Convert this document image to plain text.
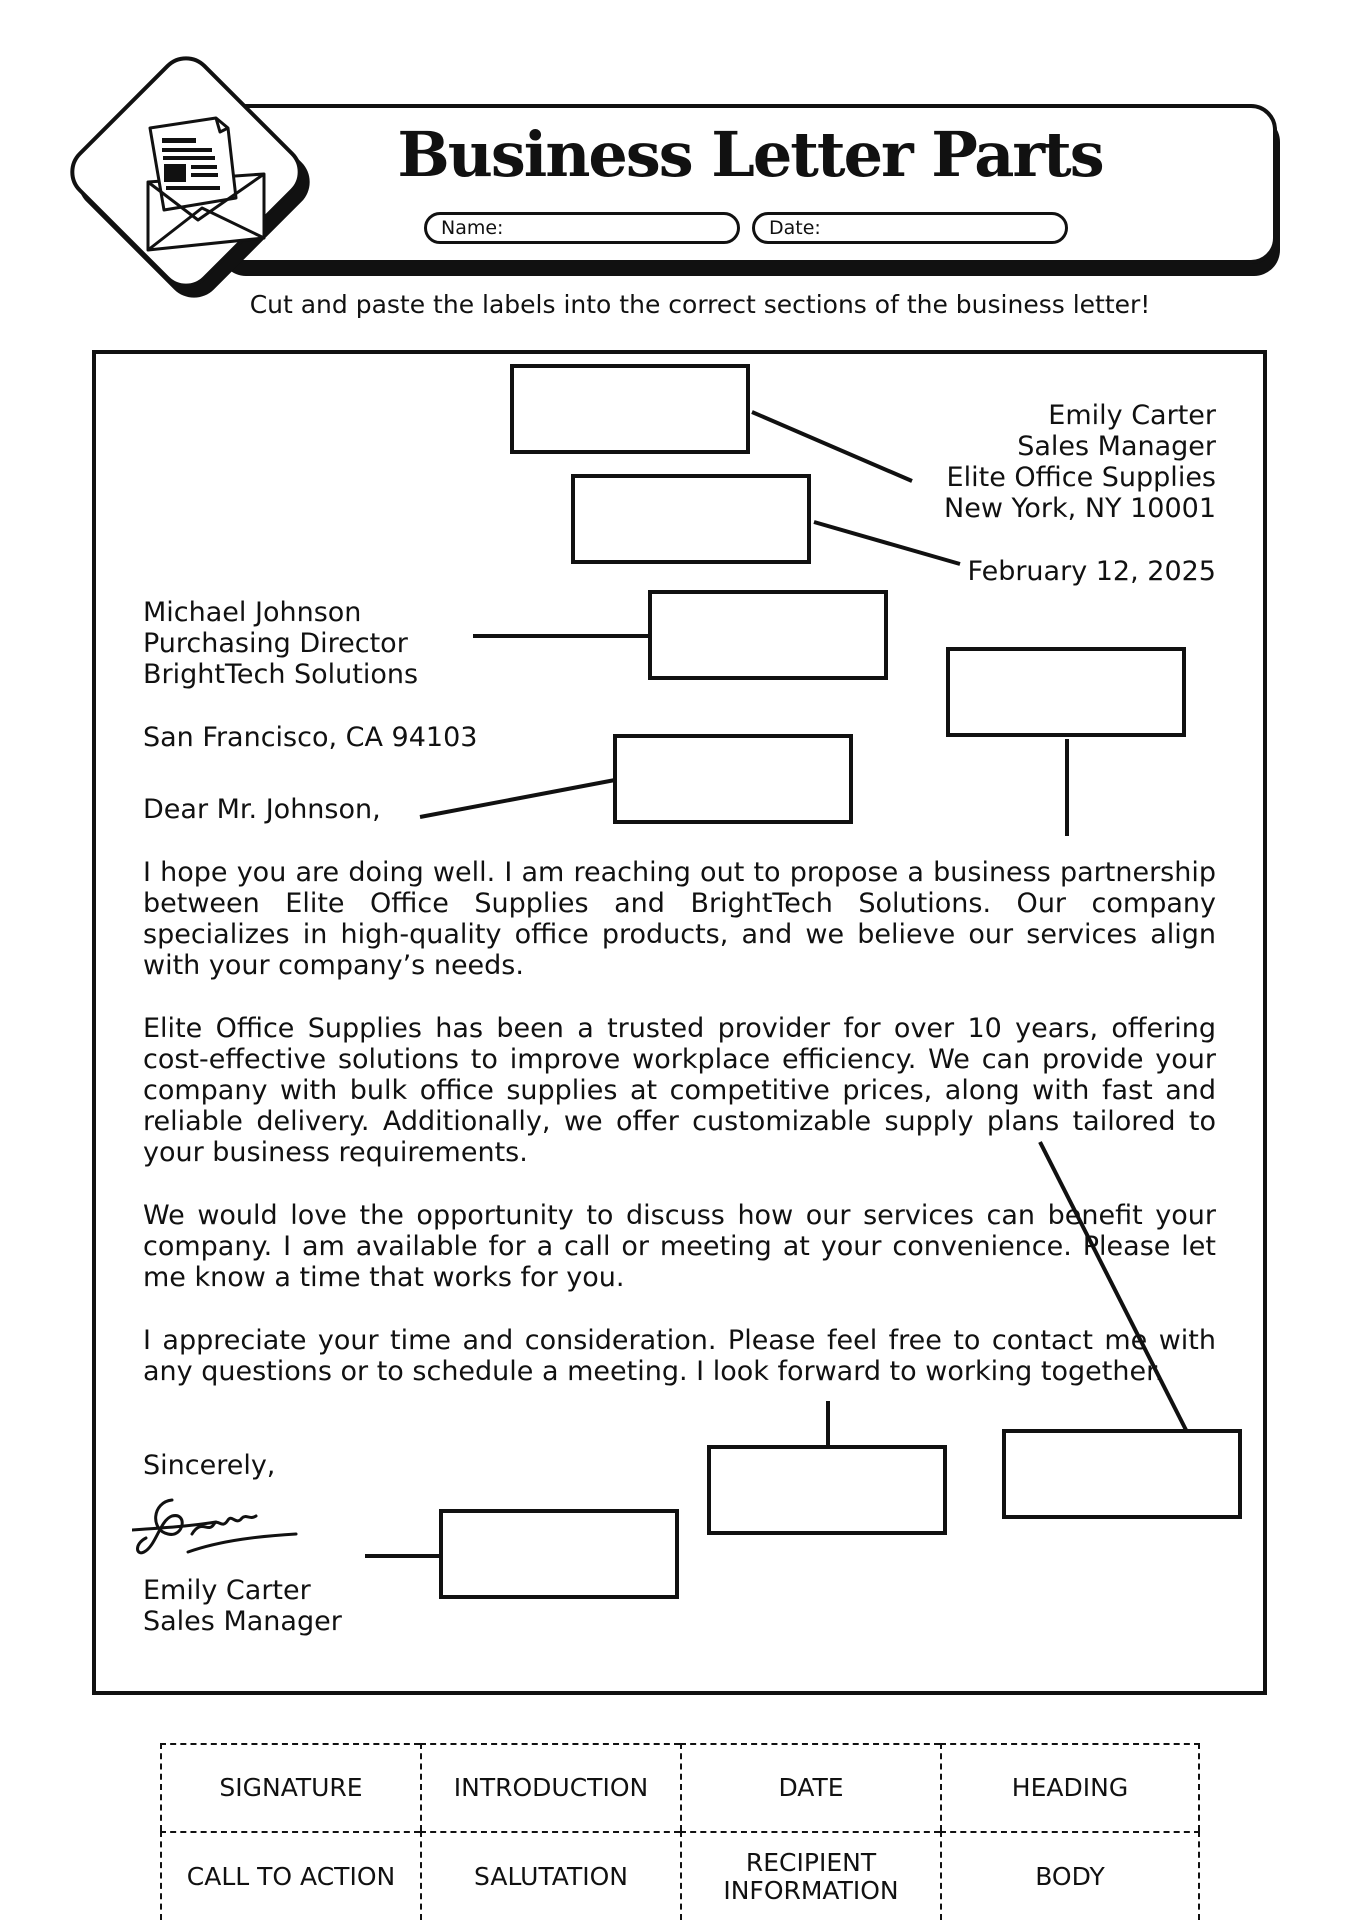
Business Letter Parts
Name:	Date:
Cut and paste the labels into the correct sections of the business letter!
Emily Carter
Sales Manager
Elite Office Supplies
New York, NY 10001
February 12, 2025
Michael Johnson
Purchasing Director
BrightTech Solutions
San Francisco, CA 94103
Dear Mr. Johnson,
I hope you are doing well. I am reaching out to propose a business partnership between Elite Office Supplies and BrightTech Solutions. Our company specializes in high-quality office products, and we believe our services align with your company’s needs.
Elite Office Supplies has been a trusted provider for over 10 years, offering cost-effective solutions to improve workplace efficiency. We can provide your company with bulk office supplies at competitive prices, along with fast and reliable delivery. Additionally, we offer customizable supply plans tailored to your business requirements.
We would love the opportunity to discuss how our services can benefit your company. I am available for a call or meeting at your convenience. Please let me know a time that works for you.
I appreciate your time and consideration. Please feel free to contact me with any questions or to schedule a meeting. I look forward to working together.
Sincerely,
Emily Carter
Sales Manager
SIGNATURE	INTRODUCTION	DATE	HEADING
CALL TO ACTION	SALUTATION	RECIPIENT INFORMATION	BODY
